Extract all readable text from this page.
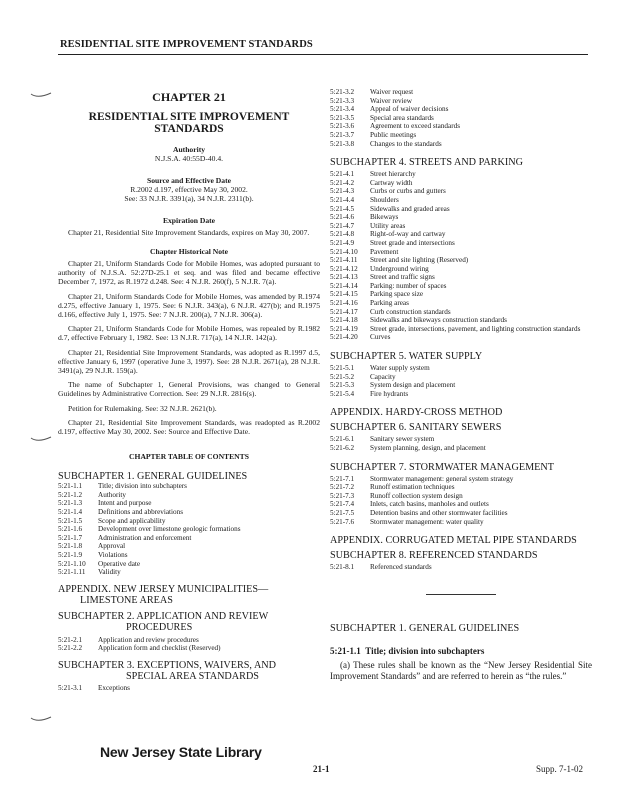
RESIDENTIAL SITE IMPROVEMENT STANDARDS

CHAPTER 21

RESIDENTIAL SITE IMPROVEMENT STANDARDS

Authority

N.J.S.A. 40:55D-40.4.

Source and Effective Date

R.2002 d.197, effective May 30, 2002.

See: 33 N.J.R. 3391(a), 34 N.J.R. 2311(b).

Expiration Date

Chapter 21, Residential Site Improvement Standards, expires on May 30, 2007.

Chapter Historical Note

Chapter 21, Uniform Standards Code for Mobile Homes, was adopted pursuant to authority of N.J.S.A. 52:27D-25.1 et seq. and was filed and became effective December 7, 1972, as R.1972 d.248. See: 4 N.J.R. 260(f), 5 N.J.R. 7(a).

Chapter 21, Uniform Standards Code for Mobile Homes, was amended by R.1974 d.275, effective January 1, 1975. See: 6 N.J.R. 343(a), 6 N.J.R. 427(b); and R.1975 d.166, effective July 1, 1975. See: 7 N.J.R. 200(a), 7 N.J.R. 306(a).

Chapter 21, Uniform Standards Code for Mobile Homes, was repealed by R.1982 d.7, effective February 1, 1982. See: 13 N.J.R. 717(a), 14 N.J.R. 142(a).

Chapter 21, Residential Site Improvement Standards, was adopted as R.1997 d.5, effective January 6, 1997 (operative June 3, 1997). See: 28 N.J.R. 2671(a), 28 N.J.R. 3491(a), 29 N.J.R. 159(a).

The name of Subchapter 1, General Provisions, was changed to General Guidelines by Administrative Correction. See: 29 N.J.R. 2816(s).

Petition for Rulemaking. See: 32 N.J.R. 2621(b).

Chapter 21, Residential Site Improvement Standards, was readopted as R.2002 d.197, effective May 30, 2002. See: Source and Effective Date.

CHAPTER TABLE OF CONTENTS

SUBCHAPTER 1. GENERAL GUIDELINES

5:21-1.1	Title; division into subchapters
5:21-1.2	Authority
5:21-1.3	Intent and purpose
5:21-1.4	Definitions and abbreviations
5:21-1.5	Scope and applicability
5:21-1.6	Development over limestone geologic formations
5:21-1.7	Administration and enforcement
5:21-1.8	Approval
5:21-1.9	Violations
5:21-1.10	Operative date
5:21-1.11	Validity
APPENDIX. NEW JERSEY MUNICIPALITIES—
LIMESTONE AREAS
SUBCHAPTER 2. APPLICATION AND REVIEW
PROCEDURES
5:21-2.1	Application and review procedures
5:21-2.2	Application form and checklist (Reserved)
SUBCHAPTER 3. EXCEPTIONS, WAIVERS, AND
SPECIAL AREA STANDARDS
5:21-3.1	Exceptions
5:21-3.2	Waiver request
5:21-3.3	Waiver review
5:21-3.4	Appeal of waiver decisions
5:21-3.5	Special area standards
5:21-3.6	Agreement to exceed standards
5:21-3.7	Public meetings
5:21-3.8	Changes to the standards

SUBCHAPTER 4. STREETS AND PARKING

5:21-4.1	Street hierarchy
5:21-4.2	Cartway width
5:21-4.3	Curbs or curbs and gutters
5:21-4.4	Shoulders
5:21-4.5	Sidewalks and graded areas
5:21-4.6	Bikeways
5:21-4.7	Utility areas
5:21-4.8	Right-of-way and cartway
5:21-4.9	Street grade and intersections
5:21-4.10	Pavement
5:21-4.11	Street and site lighting (Reserved)
5:21-4.12	Underground wiring
5:21-4.13	Street and traffic signs
5:21-4.14	Parking: number of spaces
5:21-4.15	Parking space size
5:21-4.16	Parking areas
5:21-4.17	Curb construction standards
5:21-4.18	Sidewalks and bikeways construction standards
5:21-4.19	Street grade, intersections, pavement, and lighting construction standards
5:21-4.20	Curves

SUBCHAPTER 5. WATER SUPPLY

5:21-5.1	Water supply system
5:21-5.2	Capacity
5:21-5.3	System design and placement
5:21-5.4	Fire hydrants

APPENDIX. HARDY-CROSS METHOD

SUBCHAPTER 6. SANITARY SEWERS

5:21-6.1	Sanitary sewer system
5:21-6.2	System planning, design, and placement

SUBCHAPTER 7. STORMWATER MANAGEMENT

5:21-7.1	Stormwater management: general system strategy
5:21-7.2	Runoff estimation techniques
5:21-7.3	Runoff collection system design
5:21-7.4	Inlets, catch basins, manholes and outlets
5:21-7.5	Detention basins and other stormwater facilities
5:21-7.6	Stormwater management: water quality

APPENDIX. CORRUGATED METAL PIPE STANDARDS

SUBCHAPTER 8. REFERENCED STANDARDS

5:21-8.1	Referenced standards

SUBCHAPTER 1. GENERAL GUIDELINES

5:21-1.1 Title; division into subchapters

(a) These rules shall be known as the “New Jersey Residential Site Improvement Standards” and are referred to herein as “the rules.”

New Jersey State Library
21-1	Supp. 7-1-02
